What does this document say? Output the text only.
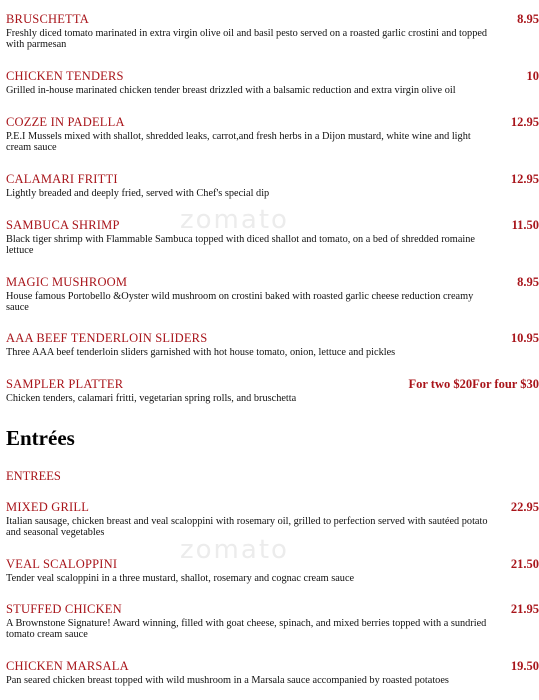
zomato
zomato
BRUSCHETTA	8.95
Freshly diced tomato marinated in extra virgin olive oil and basil pesto served on a roasted garlic crostini and topped with parmesan
CHICKEN TENDERS	10
Grilled in-house marinated chicken tender breast drizzled with a balsamic reduction and extra virgin olive oil
COZZE IN PADELLA	12.95
P.E.I Mussels mixed with shallot, shredded leaks, carrot,and fresh herbs in a Dijon mustard, white wine and light cream sauce
CALAMARI FRITTI	12.95
Lightly breaded and deeply fried, served with Chef's special dip
SAMBUCA SHRIMP	11.50
Black tiger shrimp with Flammable Sambuca topped with diced shallot and tomato, on a bed of shredded romaine lettuce
MAGIC MUSHROOM	8.95
House famous Portobello &Oyster wild mushroom on crostini baked with roasted garlic cheese reduction creamy sauce
AAA BEEF TENDERLOIN SLIDERS	10.95
Three AAA beef tenderloin sliders garnished with hot house tomato, onion, lettuce and pickles
SAMPLER PLATTER	For two $20For four $30
Chicken tenders, calamari fritti, vegetarian spring rolls, and bruschetta
Entrées
ENTREES
MIXED GRILL	22.95
Italian sausage, chicken breast and veal scaloppini with rosemary oil, grilled to perfection served with sautéed potato and seasonal vegetables
VEAL SCALOPPINI	21.50
Tender veal scaloppini in a three mustard, shallot, rosemary and cognac cream sauce
STUFFED CHICKEN	21.95
A Brownstone Signature! Award winning, filled with goat cheese, spinach, and mixed berries topped with a sundried tomato cream sauce
CHICKEN MARSALA	19.50
Pan seared chicken breast topped with wild mushroom in a Marsala sauce accompanied by roasted potatoes
